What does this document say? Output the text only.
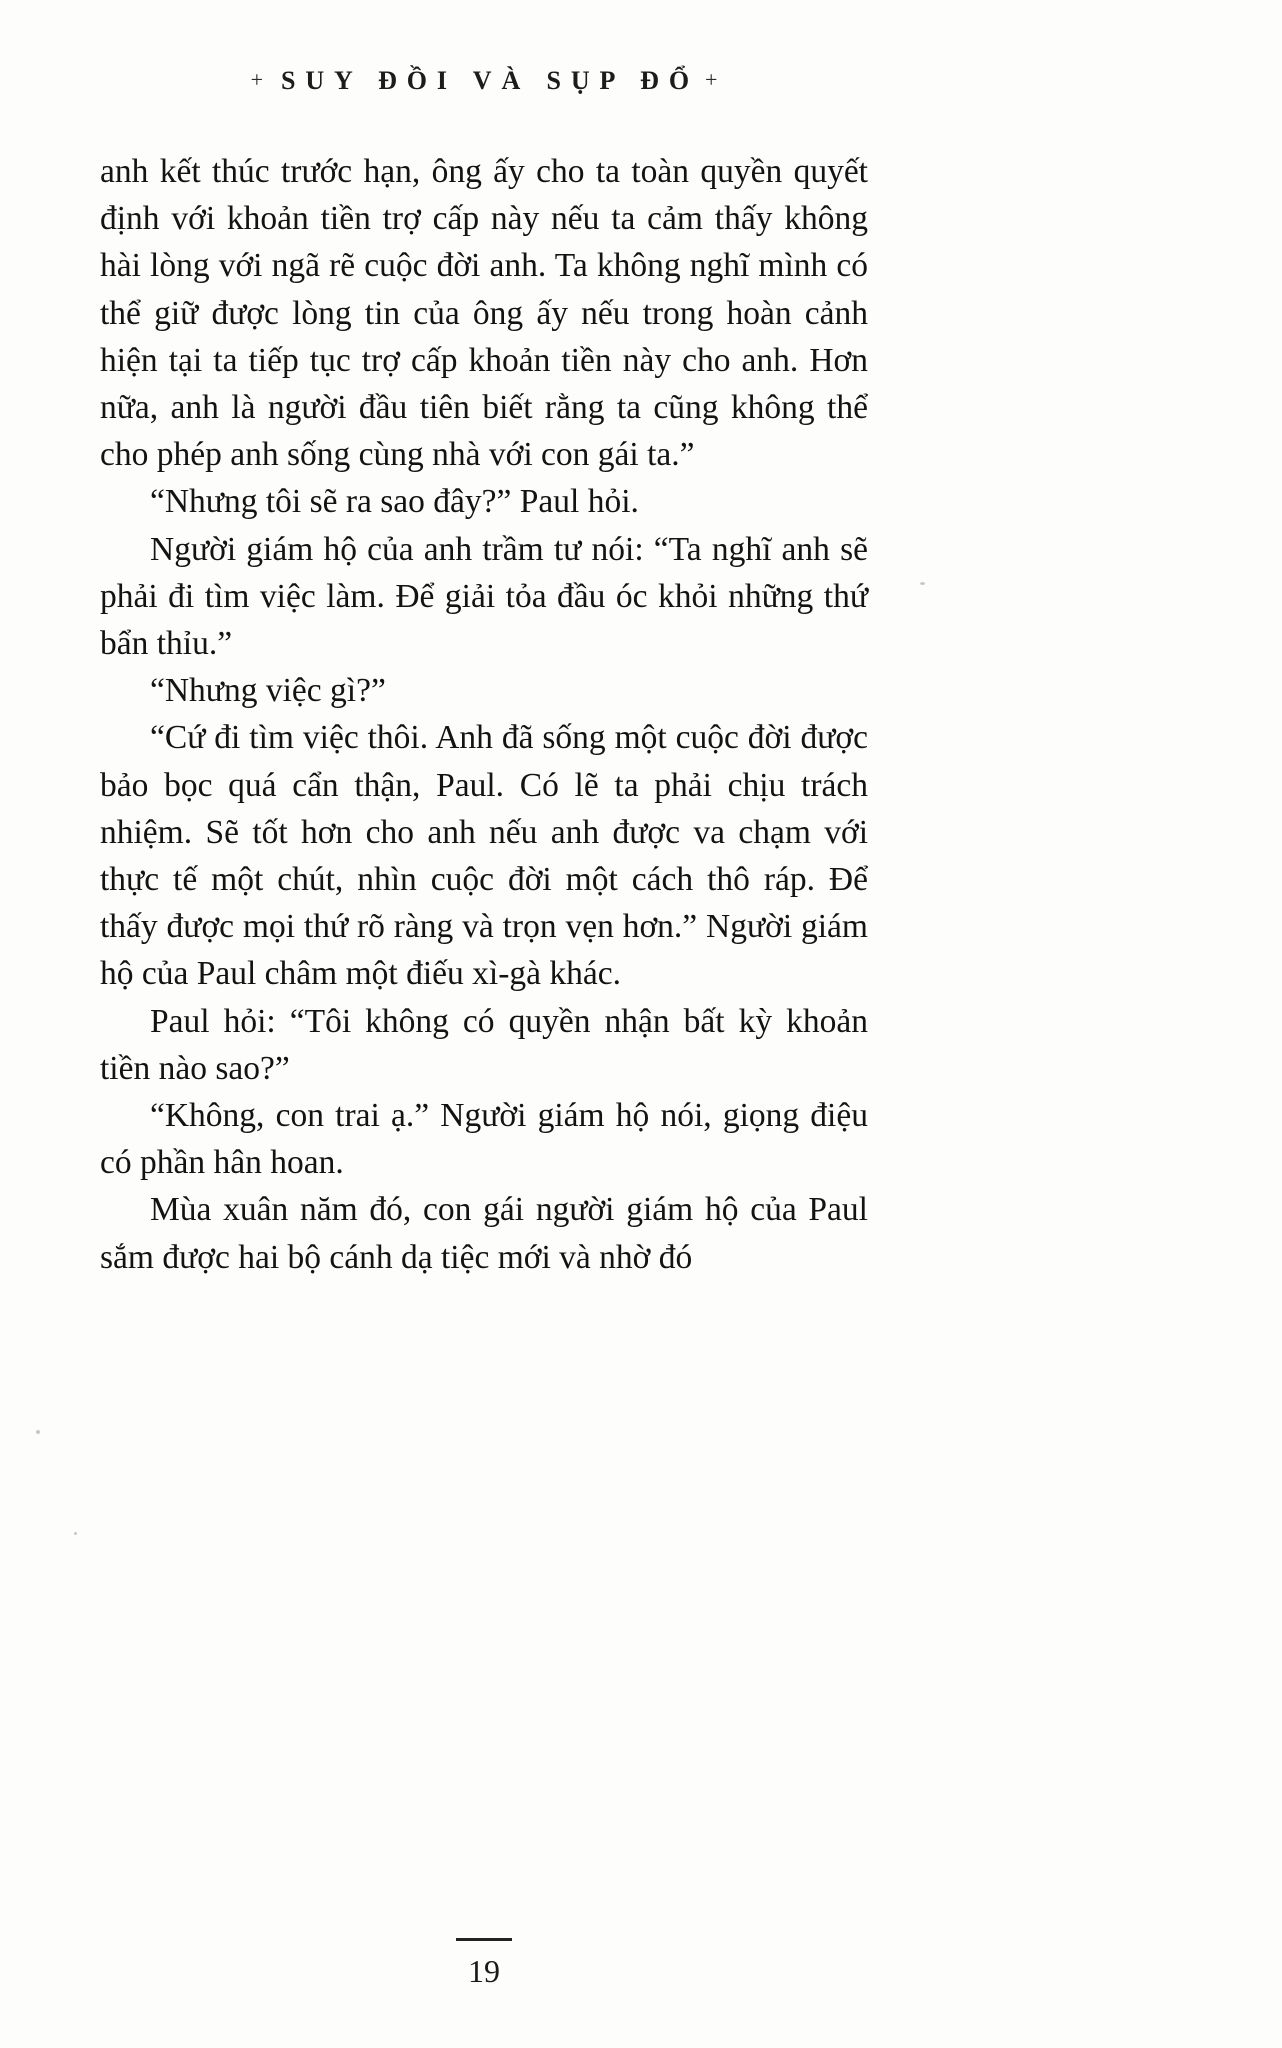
+ SUY ĐỒI VÀ SỤP ĐỔ +

anh kết thúc trước hạn, ông ấy cho ta toàn quyền quyết định với khoản tiền trợ cấp này nếu ta cảm thấy không hài lòng với ngã rẽ cuộc đời anh. Ta không nghĩ mình có thể giữ được lòng tin của ông ấy nếu trong hoàn cảnh hiện tại ta tiếp tục trợ cấp khoản tiền này cho anh. Hơn nữa, anh là người đầu tiên biết rằng ta cũng không thể cho phép anh sống cùng nhà với con gái ta.”

“Nhưng tôi sẽ ra sao đây?” Paul hỏi.

Người giám hộ của anh trầm tư nói: “Ta nghĩ anh sẽ phải đi tìm việc làm. Để giải tỏa đầu óc khỏi những thứ bẩn thỉu.”

“Nhưng việc gì?”

“Cứ đi tìm việc thôi. Anh đã sống một cuộc đời được bảo bọc quá cẩn thận, Paul. Có lẽ ta phải chịu trách nhiệm. Sẽ tốt hơn cho anh nếu anh được va chạm với thực tế một chút, nhìn cuộc đời một cách thô ráp. Để thấy được mọi thứ rõ ràng và trọn vẹn hơn.” Người giám hộ của Paul châm một điếu xì-gà khác.

Paul hỏi: “Tôi không có quyền nhận bất kỳ khoản tiền nào sao?”

“Không, con trai ạ.” Người giám hộ nói, giọng điệu có phần hân hoan.

Mùa xuân năm đó, con gái người giám hộ của Paul sắm được hai bộ cánh dạ tiệc mới và nhờ đó

19
